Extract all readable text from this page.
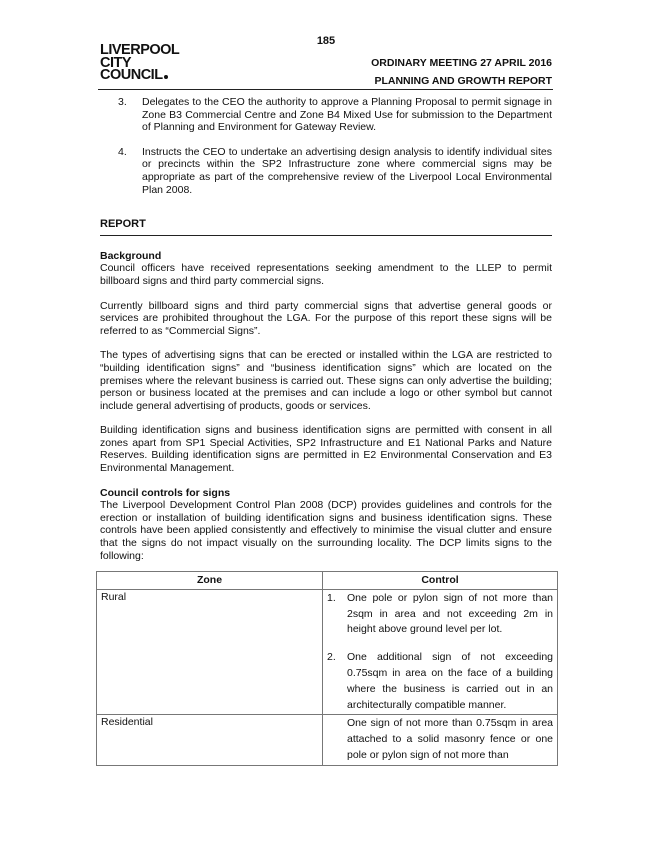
185
LIVERPOOL
CITY
COUNCIL
ORDINARY MEETING 27 APRIL 2016
PLANNING AND GROWTH REPORT
3.	Delegates to the CEO the authority to approve a Planning Proposal to permit signage in Zone B3 Commercial Centre and Zone B4 Mixed Use for submission to the Department of Planning and Environment for Gateway Review.
4.	Instructs the CEO to undertake an advertising design analysis to identify individual sites or precincts within the SP2 Infrastructure zone where commercial signs may be appropriate as part of the comprehensive review of the Liverpool Local Environmental Plan 2008.
REPORT
Background

Council officers have received representations seeking amendment to the LLEP to permit billboard signs and third party commercial signs.

Currently billboard signs and third party commercial signs that advertise general goods or services are prohibited throughout the LGA. For the purpose of this report these signs will be referred to as “Commercial Signs”.

The types of advertising signs that can be erected or installed within the LGA are restricted to “building identification signs” and “business identification signs” which are located on the premises where the relevant business is carried out. These signs can only advertise the building; person or business located at the premises and can include a logo or other symbol but cannot include general advertising of products, goods or services.

Building identification signs and business identification signs are permitted with consent in all zones apart from SP1 Special Activities, SP2 Infrastructure and E1 National Parks and Nature Reserves. Building identification signs are permitted in E2 Environmental Conservation and E3 Environmental Management.

Council controls for signs

The Liverpool Development Control Plan 2008 (DCP) provides guidelines and controls for the erection or installation of building identification signs and business identification signs. These controls have been applied consistently and effectively to minimise the visual clutter and ensure that the signs do not impact visually on the surrounding locality. The DCP limits signs to the following:

Zone	Control
Rural	1. One pole or pylon sign of not more than 2sqm in area and not exceeding 2m in height above ground level per lot.
2. One additional sign of not exceeding 0.75sqm in area on the face of a building where the business is carried out in an architecturally compatible manner.

Residential	One sign of not more than 0.75sqm in area attached to a solid masonry fence or one pole or pylon sign of not more than
